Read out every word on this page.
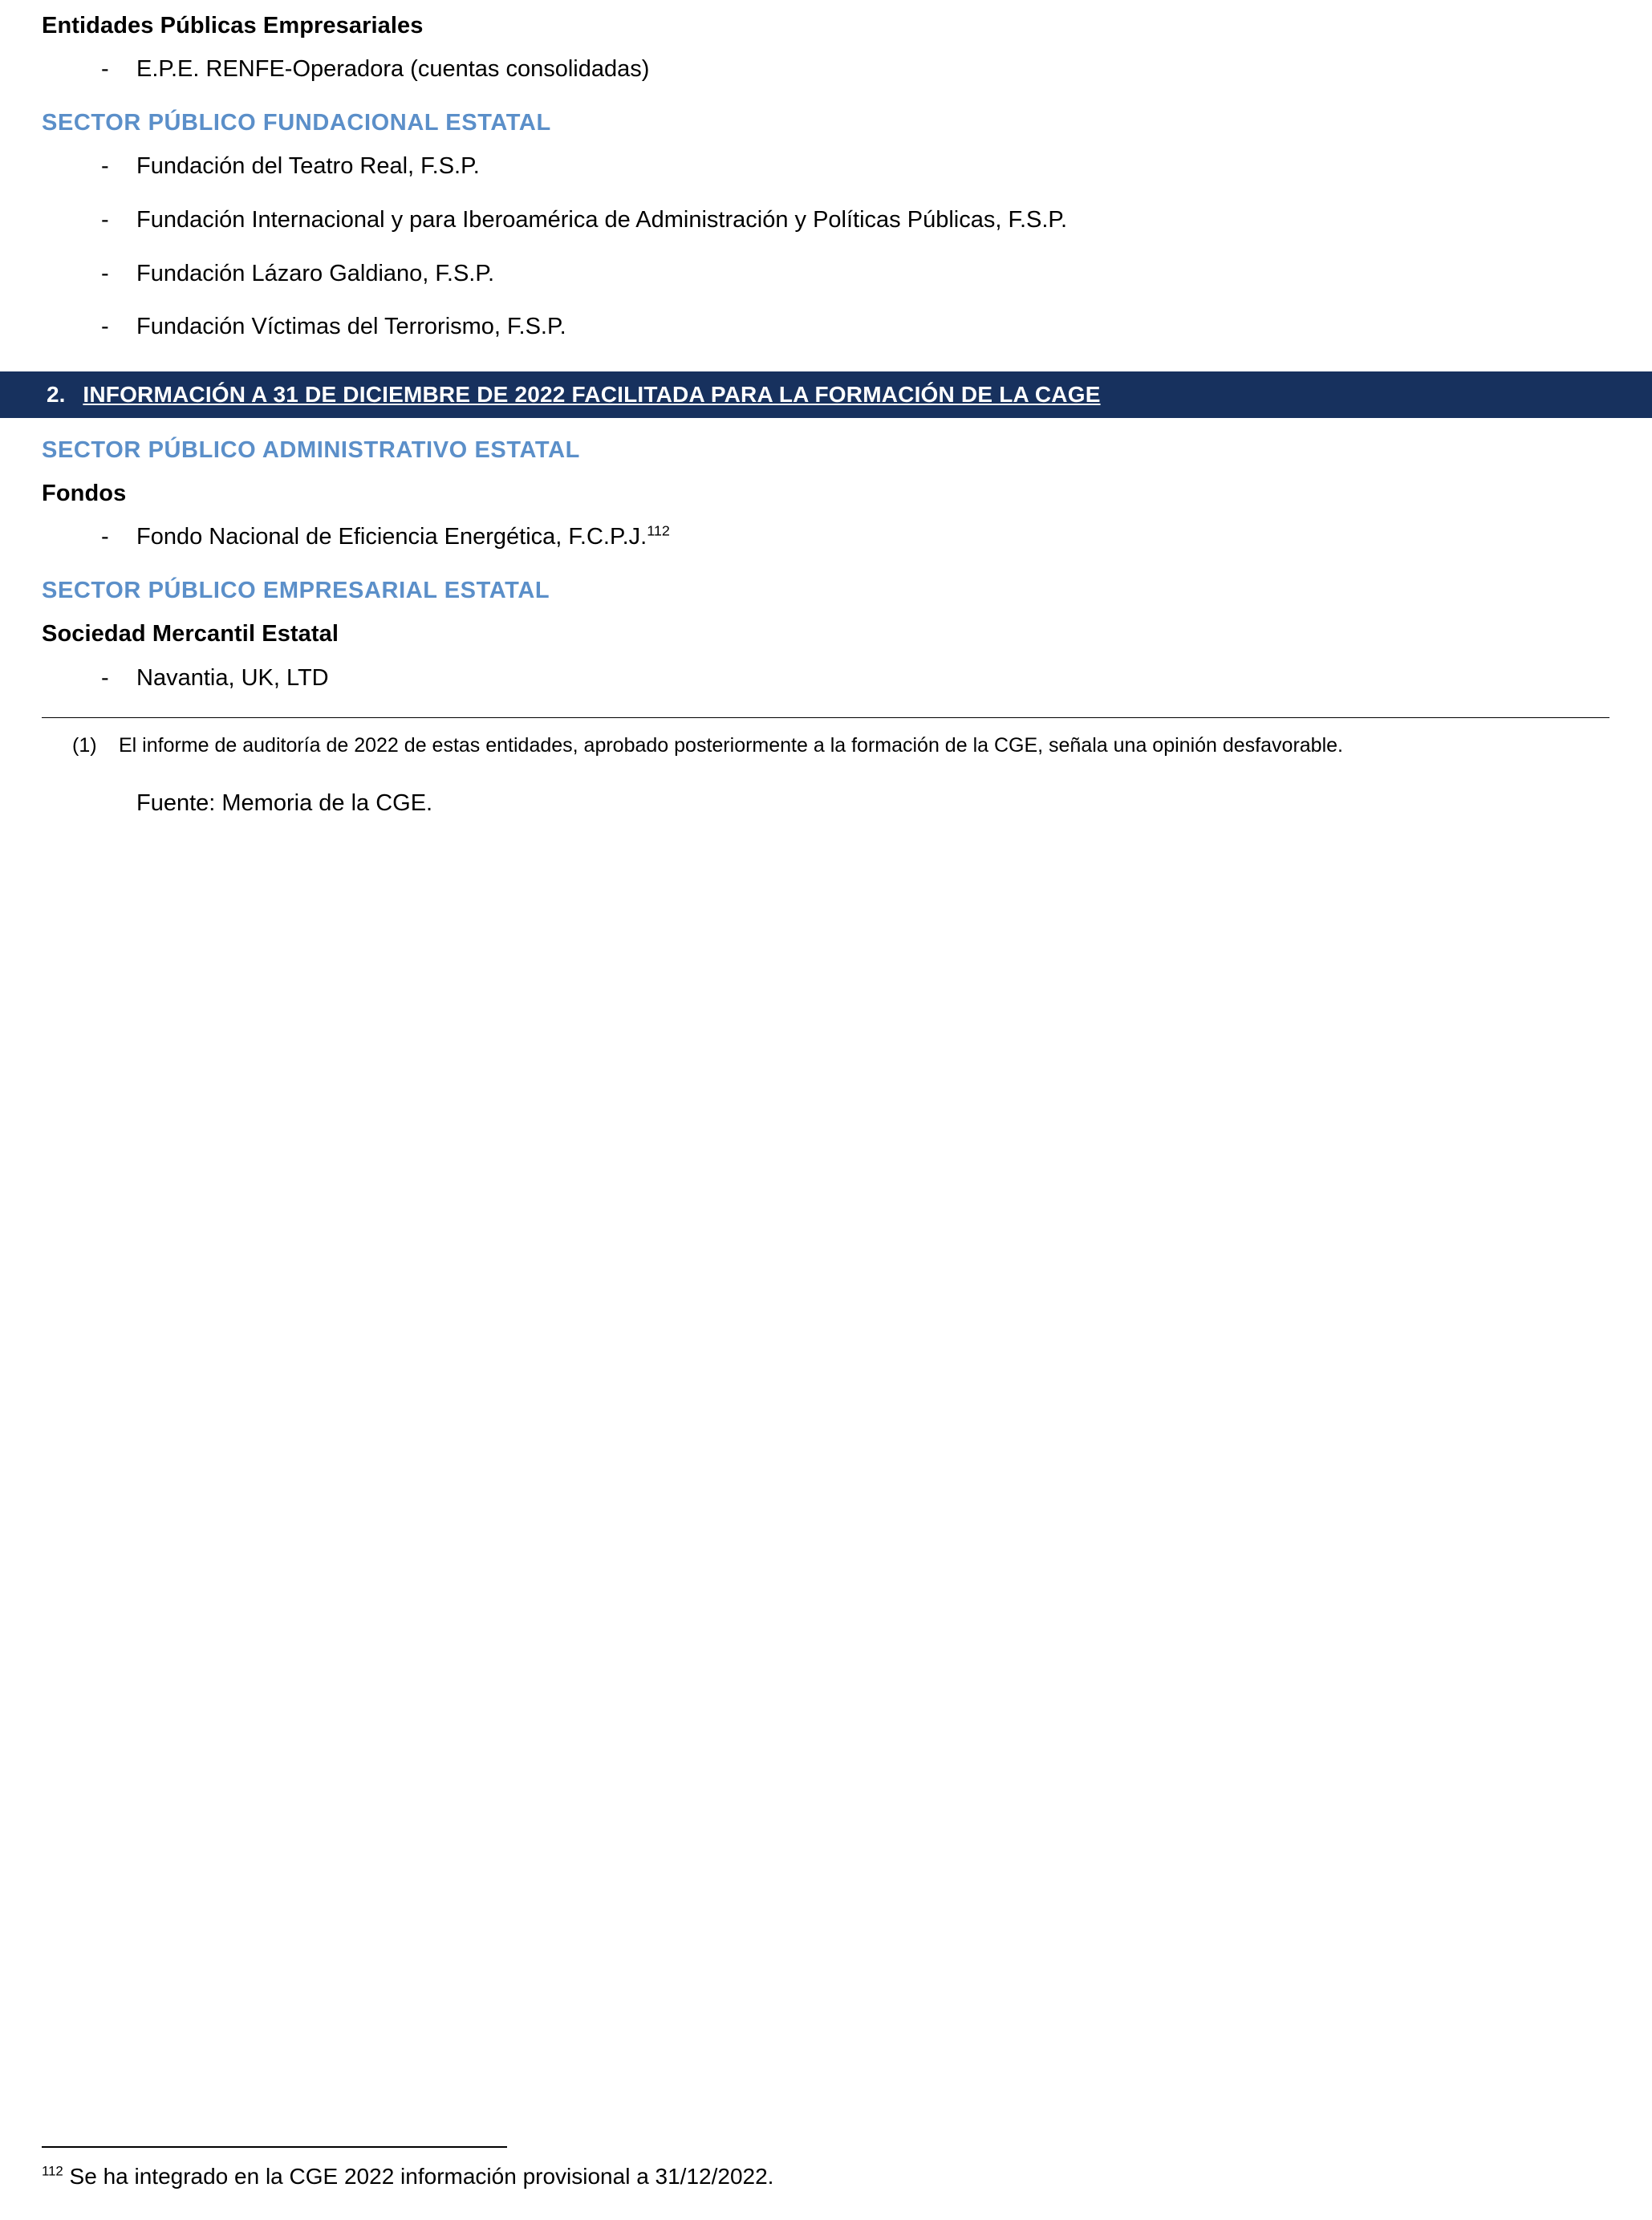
Entidades Públicas Empresariales
-	E.P.E. RENFE-Operadora (cuentas consolidadas)
SECTOR PÚBLICO FUNDACIONAL ESTATAL
-	Fundación del Teatro Real, F.S.P.
-	Fundación Internacional y para Iberoamérica de Administración y Políticas Públicas, F.S.P.
-	Fundación Lázaro Galdiano, F.S.P.
-	Fundación Víctimas del Terrorismo, F.S.P.
2. INFORMACIÓN A 31 DE DICIEMBRE DE 2022 FACILITADA PARA LA FORMACIÓN DE LA CAGE
SECTOR PÚBLICO ADMINISTRATIVO ESTATAL
Fondos
-	Fondo Nacional de Eficiencia Energética, F.C.P.J.$^{112}$
SECTOR PÚBLICO EMPRESARIAL ESTATAL
Sociedad Mercantil Estatal
-	Navantia, UK, LTD
(1)	El informe de auditoría de 2022 de estas entidades, aprobado posteriormente a la formación de la CGE, señala una opinión desfavorable.
Fuente: Memoria de la CGE.
$^{112}$ Se ha integrado en la CGE 2022 información provisional a 31/12/2022.
